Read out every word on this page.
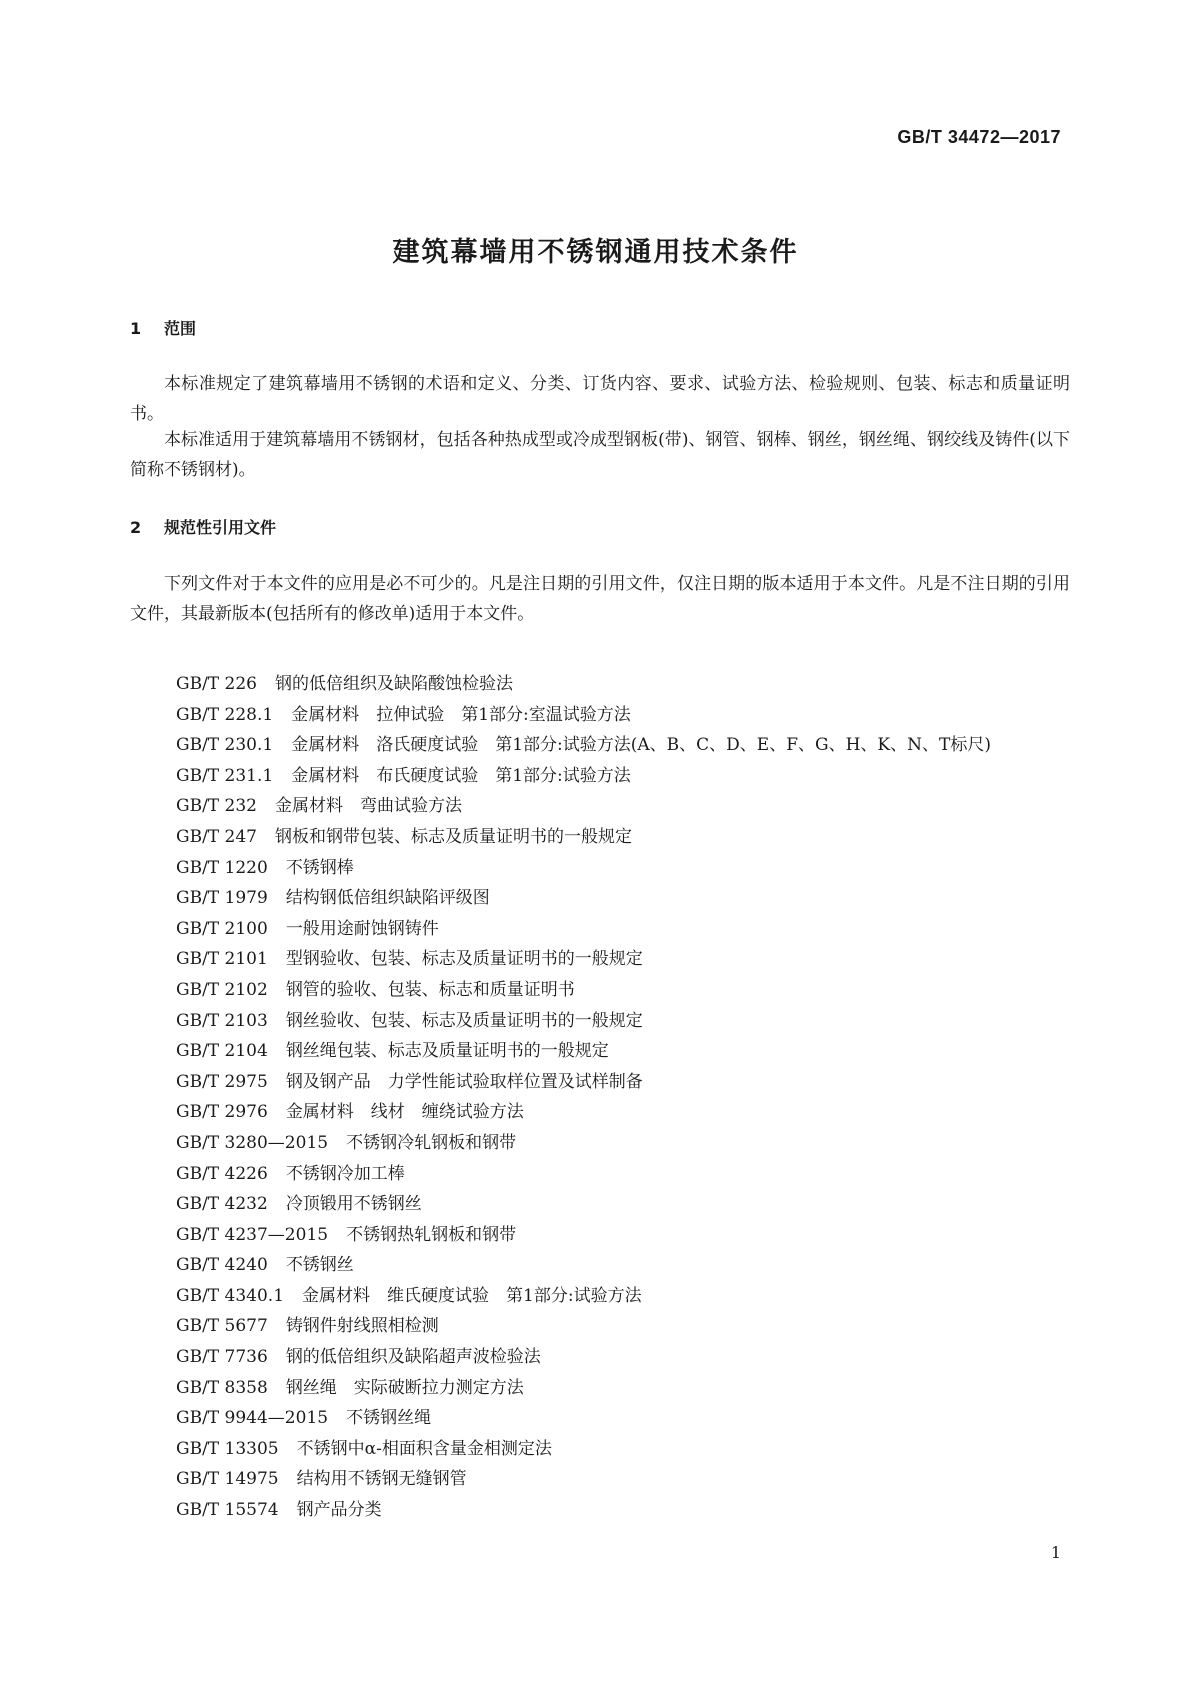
GB/T 34472—2017
建筑幕墙用不锈钢通用技术条件
1 范围

本标准规定了建筑幕墙用不锈钢的术语和定义、分类、订货内容、要求、试验方法、检验规则、包装、标志和质量证明书。

本标准适用于建筑幕墙用不锈钢材，包括各种热成型或冷成型钢板(带)、钢管、钢棒、钢丝，钢丝绳、钢绞线及铸件(以下简称不锈钢材)。

2 规范性引用文件

下列文件对于本文件的应用是必不可少的。凡是注日期的引用文件，仅注日期的版本适用于本文件。凡是不注日期的引用文件，其最新版本(包括所有的修改单)适用于本文件。

GB/T 226 钢的低倍组织及缺陷酸蚀检验法
GB/T 228.1 金属材料　拉伸试验　第1部分:室温试验方法
GB/T 230.1 金属材料　洛氏硬度试验　第1部分:试验方法(A、B、C、D、E、F、G、H、K、N、T标尺)
GB/T 231.1 金属材料　布氏硬度试验　第1部分:试验方法
GB/T 232 金属材料　弯曲试验方法
GB/T 247 钢板和钢带包装、标志及质量证明书的一般规定
GB/T 1220 不锈钢棒
GB/T 1979 结构钢低倍组织缺陷评级图
GB/T 2100 一般用途耐蚀钢铸件
GB/T 2101 型钢验收、包装、标志及质量证明书的一般规定
GB/T 2102 钢管的验收、包装、标志和质量证明书
GB/T 2103 钢丝验收、包装、标志及质量证明书的一般规定
GB/T 2104 钢丝绳包装、标志及质量证明书的一般规定
GB/T 2975 钢及钢产品　力学性能试验取样位置及试样制备
GB/T 2976 金属材料　线材　缠绕试验方法
GB/T 3280—2015 不锈钢冷轧钢板和钢带
GB/T 4226 不锈钢冷加工棒
GB/T 4232 冷顶锻用不锈钢丝
GB/T 4237—2015 不锈钢热轧钢板和钢带
GB/T 4240 不锈钢丝
GB/T 4340.1 金属材料　维氏硬度试验　第1部分:试验方法
GB/T 5677 铸钢件射线照相检测
GB/T 7736 钢的低倍组织及缺陷超声波检验法
GB/T 8358 钢丝绳　实际破断拉力测定方法
GB/T 9944—2015 不锈钢丝绳
GB/T 13305 不锈钢中α-相面积含量金相测定法
GB/T 14975 结构用不锈钢无缝钢管
GB/T 15574 钢产品分类
1
